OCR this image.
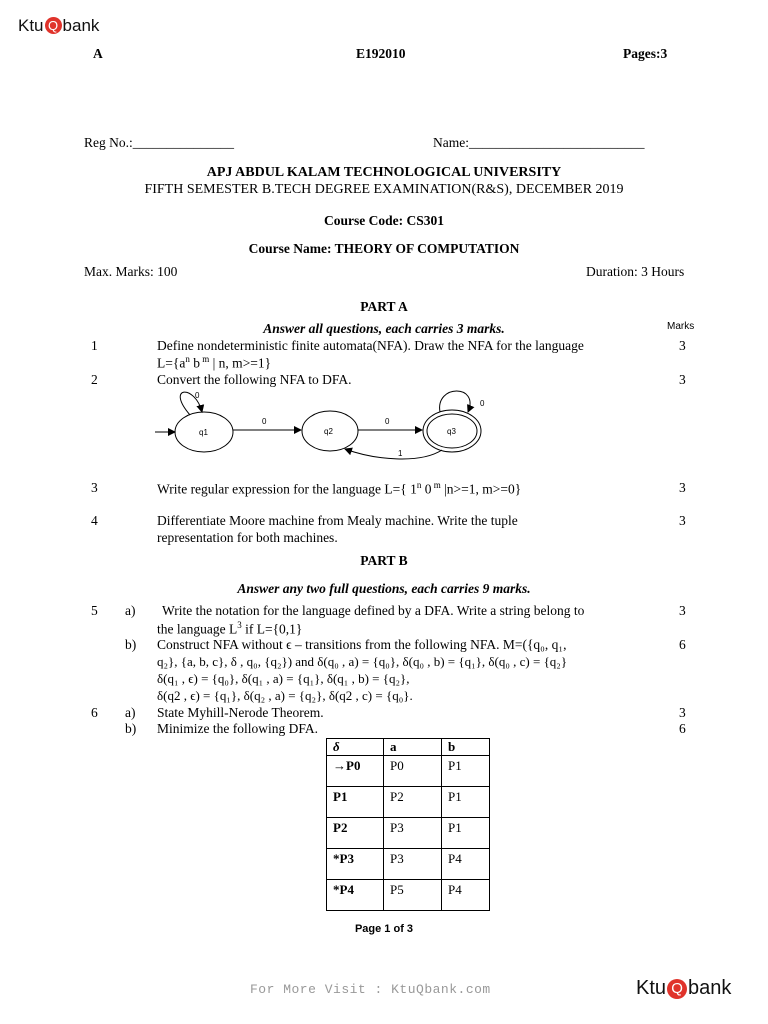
Ktu Q bank
A	E192010	Pages:3
Reg No.:_______________	Name:__________________________
APJ ABDUL KALAM TECHNOLOGICAL UNIVERSITY
FIFTH SEMESTER B.TECH DEGREE EXAMINATION(R&S), DECEMBER 2019
Course Code: CS301
Course Name: THEORY OF COMPUTATION
Max. Marks: 100	Duration: 3 Hours
PART A
Answer all questions, each carries 3 marks.	Marks
1	Define nondeterministic finite automata(NFA). Draw the NFA for the language
$L=\{a^n$ b $^m$ | n, m>=1}
3
2	Convert the following NFA to DFA.	3
q1
0
0
q2
0
q3
0
1
3	Write regular expression for the language L={ 1$^n$ 0 $^m$ |n>=1, m>=0}	3
4	Differentiate Moore machine from Mealy machine. Write the tuple
representation for both machines.
3
PART B
Answer any two full questions, each carries 9 marks.
5 a) Write the notation for the language defined by a DFA. Write a string belong to
the language $L^3$ if L={0,1}
3
b) Construct NFA without ϵ – transitions from the following NFA. M=({q₀, q₁,
q₂}, {a, b, c}, δ , q₀, {q₂}) and δ(q₀ , a) = {q₀}, δ(q₀ , b) = {q₁}, δ(q₀ , c) = {q₂}
δ(q₁ , ϵ) = {q₀}, δ(q₁ , a) = {q₁}, δ(q₁ , b) = {q₂},
δ(q2 , ϵ) = {q₁}, δ(q₂ , a) = {q₂}, δ(q2 , c) = {q₀}.
6
6 a) State Myhill-Nerode Theorem.	3
b) Minimize the following DFA.	6
δ	a	b
→P0	P0	P1
P1	P2	P1
P2	P3	P1
*P3	P3	P4
*P4	P5	P4
Page 1 of 3
For More Visit : KtuQbank.com	Ktu Q bank
